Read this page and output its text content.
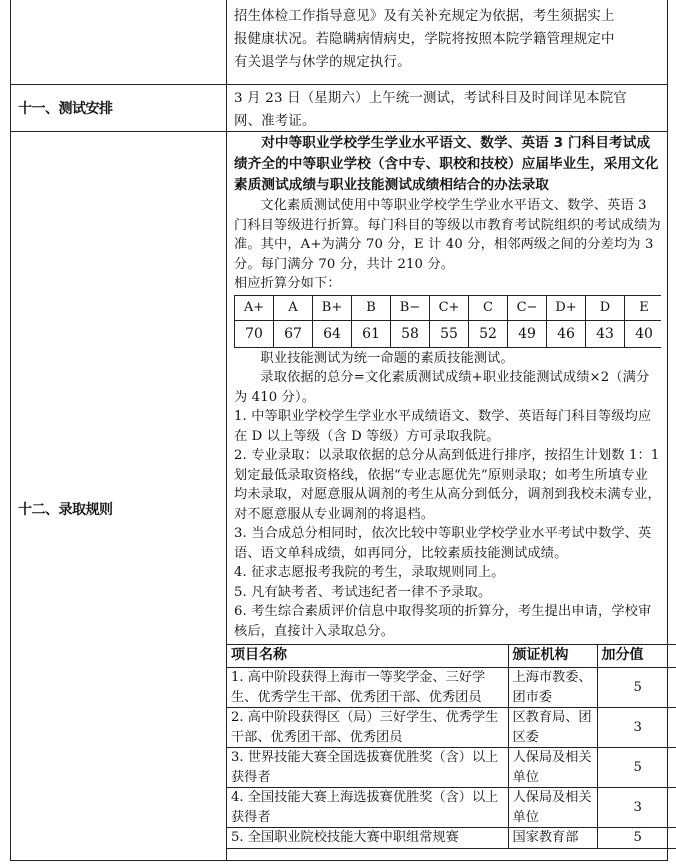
招生体检工作指导意见》及有关补充规定为依据，考生须据实上
报健康状况。若隐瞒病情病史，学院将按照本院学籍管理规定中
有关退学与休学的规定执行。
十一、测试安排
3 月 23 日（星期六）上午统一测试，考试科目及时间详见本院官
网、准考证。
十二、录取规则

对中等职业学校学生学业水平语文、数学、英语 3 门科目考试成绩齐全的中等职业学校（含中专、职校和技校）应届毕业生，采用文化素质测试成绩与职业技能测试成绩相结合的办法录取

文化素质测试使用中等职业学校学生学业水平语文、数学、英语 3 门科目等级进行折算。每门科目的等级以市教育考试院组织的考试成绩为准。其中，A+为满分 70 分，E 计 40 分，相邻两级之间的分差均为 3 分。每门满分 70 分，共计 210 分。

相应折算分如下：

A+	A	B+	B	B−	C+	C	C−	D+	D	E
70	67	64	61	58	55	52	49	46	43	40

职业技能测试为统一命题的素质技能测试。

录取依据的总分=文化素质测试成绩+职业技能测试成绩×2（满分为 410 分）。

1. 中等职业学校学生学业水平成绩语文、数学、英语每门科目等级均应在 D 以上等级（含 D 等级）方可录取我院。

2. 专业录取：以录取依据的总分从高到低进行排序，按招生计划数 1：1 划定最低录取资格线，依据“专业志愿优先”原则录取；如考生所填专业均未录取，对愿意服从调剂的考生从高分到低分，调剂到我校未满专业，对不愿意服从专业调剂的将退档。

3. 当合成总分相同时，依次比较中等职业学校学业水平考试中数学、英语、语文单科成绩，如再同分，比较素质技能测试成绩。

4. 征求志愿报考我院的考生，录取规则同上。

5. 凡有缺考者、考试违纪者一律不予录取。

6. 考生综合素质评价信息中取得奖项的折算分，考生提出申请，学校审核后，直接计入录取总分。

项目名称	颁证机构	加分值
1. 高中阶段获得上海市一等奖学金、三好学生、优秀学生干部、优秀团干部、优秀团员	上海市教委、团市委	5
2. 高中阶段获得区（局）三好学生、优秀学生干部、优秀团干部、优秀团员	区教育局、团区委	3
3. 世界技能大赛全国选拔赛优胜奖（含）以上获得者	人保局及相关单位	5
4. 全国技能大赛上海选拔赛优胜奖（含）以上获得者	人保局及相关单位	3
5. 全国职业院校技能大赛中职组常规赛	国家教育部	5
